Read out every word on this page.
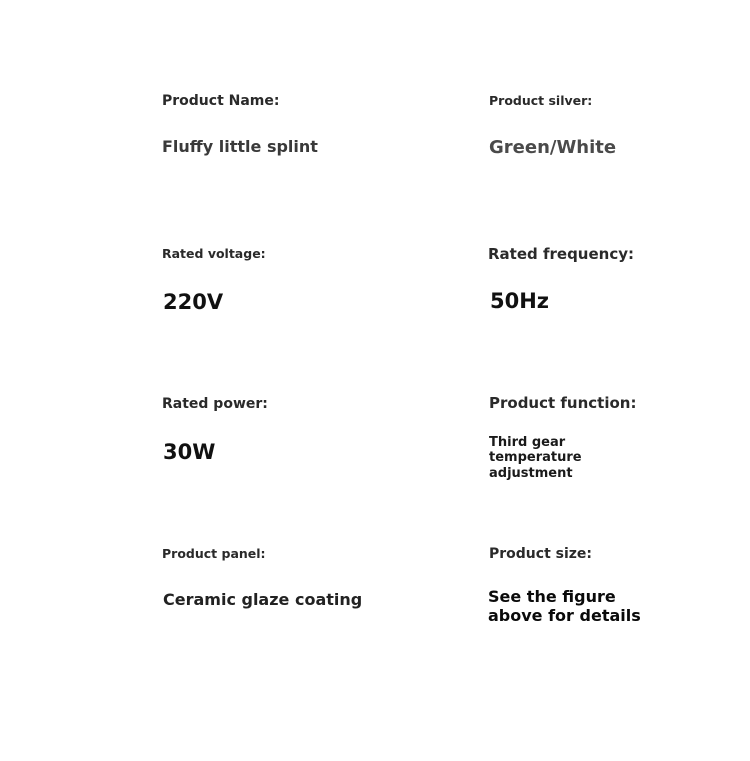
Product Name:
Fluffy little splint
Product silver:
Green/White
Rated voltage:
220V
Rated frequency:
50Hz
Rated power:
30W
Product function:
Third gear temperature adjustment
Product panel:
Ceramic glaze coating
Product size:
See the figure above for details
